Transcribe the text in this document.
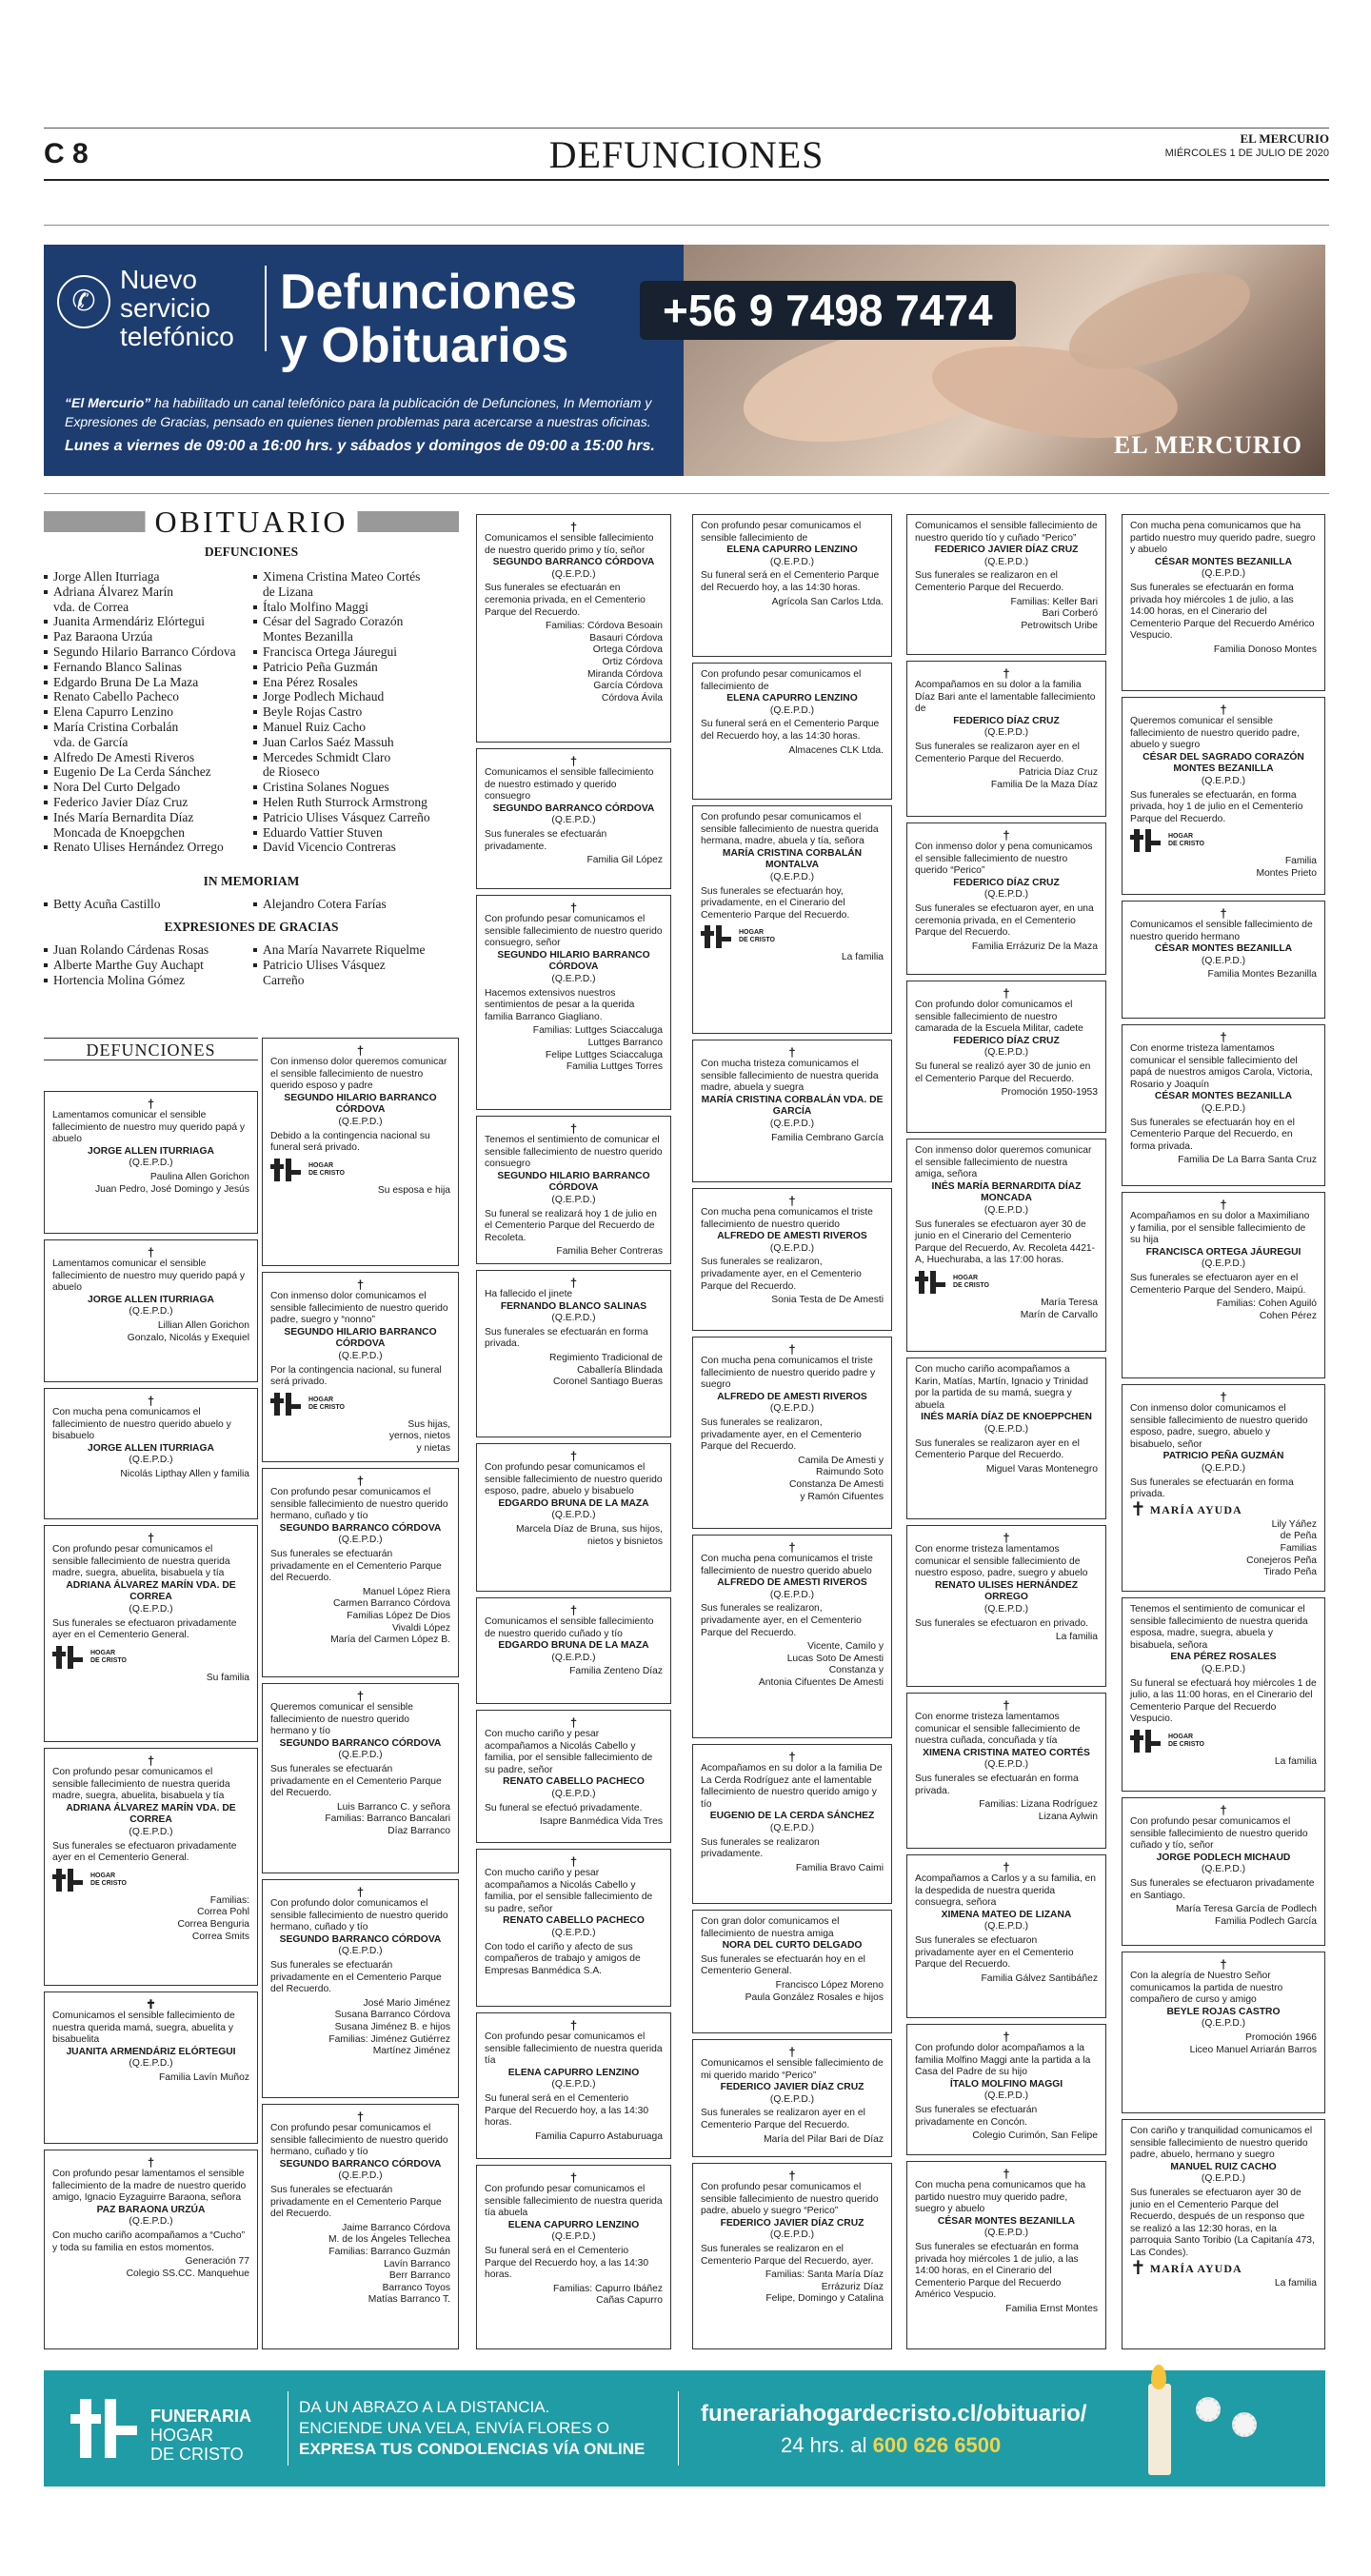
C 8	DEFUNCIONES	EL MERCURIO
MIÉRCOLES 1 DE JULIO DE 2020
✆
Nuevo
servicio
telefónico
Defunciones
y Obituarios
+56 9 7498 7474
“El Mercurio” ha habilitado un canal telefónico para la publicación de Defunciones, In Memoriam y Expresiones de Gracias, pensado en quienes tienen problemas para acercarse a nuestras oficinas.
Lunes a viernes de 09:00 a 16:00 hrs. y sábados y domingos de 09:00 a 15:00 hrs.	EL MERCURIO
OBITUARIO
DEFUNCIONES
Jorge Allen Iturriaga
Adriana Álvarez Marín
vda. de Correa
Juanita Armendáriz Elórtegui
Paz Baraona Urzúa
Segundo Hilario Barranco Córdova
Fernando Blanco Salinas
Edgardo Bruna De La Maza
Renato Cabello Pacheco
Elena Capurro Lenzino
María Cristina Corbalán
vda. de García
Alfredo De Amesti Riveros
Eugenio De La Cerda Sánchez
Nora Del Curto Delgado
Federico Javier Díaz Cruz
Inés María Bernardita Díaz
Moncada de Knoepgchen
Renato Ulises Hernández Orrego
Ximena Cristina Mateo Cortés
de Lizana
Ítalo Molfino Maggi
César del Sagrado Corazón
Montes Bezanilla
Francisca Ortega Jáuregui
Patricio Peña Guzmán
Ena Pérez Rosales
Jorge Podlech Michaud
Beyle Rojas Castro
Manuel Ruiz Cacho
Juan Carlos Saéz Massuh
Mercedes Schmidt Claro
de Rioseco
Cristina Solanes Nogues
Helen Ruth Sturrock Armstrong
Patricio Ulises Vásquez Carreño
Eduardo Vattier Stuven
David Vicencio Contreras
IN MEMORIAM
Betty Acuña Castillo	Alejandro Cotera Farías
EXPRESIONES DE GRACIAS
Juan Rolando Cárdenas Rosas
Alberte Marthe Guy Auchapt
Hortencia Molina Gómez
Ana María Navarrete Riquelme
Patricio Ulises Vásquez
Carreño
DEFUNCIONES
†

Lamentamos comunicar el sensible fallecimiento de nuestro muy querido papá y abuelo

JORGE ALLEN ITURRIAGA
(Q.E.P.D.)
Paulina Allen Gorichon
Juan Pedro, José Domingo y Jesús
†

Lamentamos comunicar el sensible fallecimiento de nuestro muy querido papá y abuelo

JORGE ALLEN ITURRIAGA
(Q.E.P.D.)
Lillian Allen Gorichon
Gonzalo, Nicolás y Exequiel
†

Con mucha pena comunicamos el fallecimiento de nuestro querido abuelo y bisabuelo

JORGE ALLEN ITURRIAGA
(Q.E.P.D.)
Nicolás Lipthay Allen y familia
†

Con profundo pesar comunicamos el sensible fallecimiento de nuestra querida madre, suegra, abuelita, bisabuela y tía

ADRIANA ÁLVAREZ MARÍN VDA. DE CORREA
(Q.E.P.D.)

Sus funerales se efectuaron privadamente ayer en el Cementerio General.

HOGAR
DE CRISTO
Su familia
†

Con profundo pesar comunicamos el sensible fallecimiento de nuestra querida madre, suegra, abuelita, bisabuela y tía

ADRIANA ÁLVAREZ MARÍN VDA. DE CORREA
(Q.E.P.D.)

Sus funerales se efectuaron privadamente ayer en el Cementerio General.

HOGAR
DE CRISTO
Familias:
Correa Pohl
Correa Benguria
Correa Smits
✝

Comunicamos el sensible fallecimiento de nuestra querida mamá, suegra, abuelita y bisabuelita

JUANITA ARMENDÁRIZ ELÓRTEGUI
(Q.E.P.D.)
Familia Lavín Muñoz
†

Con profundo pesar lamentamos el sensible fallecimiento de la madre de nuestro querido amigo, Ignacio Eyzaguirre Baraona, señora

PAZ BARAONA URZÚA
(Q.E.P.D.)

Con mucho cariño acompañamos a “Cucho” y toda su familia en estos momentos.

Generación 77
Colegio SS.CC. Manquehue
†

Con inmenso dolor queremos comunicar el sensible fallecimiento de nuestro querido esposo y padre

SEGUNDO HILARIO BARRANCO CÓRDOVA
(Q.E.P.D.)

Debido a la contingencia nacional su funeral será privado.

HOGAR
DE CRISTO
Su esposa e hija
†

Con inmenso dolor comunicamos el sensible fallecimiento de nuestro querido padre, suegro y “nonno”

SEGUNDO HILARIO BARRANCO CÓRDOVA
(Q.E.P.D.)

Por la contingencia nacional, su funeral será privado.

HOGAR
DE CRISTO
Sus hijas,
yernos, nietos
y nietas
†

Con profundo pesar comunicamos el sensible fallecimiento de nuestro querido hermano, cuñado y tío

SEGUNDO BARRANCO CÓRDOVA
(Q.E.P.D.)

Sus funerales se efectuarán privadamente en el Cementerio Parque del Recuerdo.

Manuel López Riera
Carmen Barranco Córdova
Familias López De Dios
Vivaldi López
María del Carmen López B.
†

Queremos comunicar el sensible fallecimiento de nuestro querido hermano y tío

SEGUNDO BARRANCO CÓRDOVA
(Q.E.P.D.)

Sus funerales se efectuarán privadamente en el Cementerio Parque del Recuerdo.

Luis Barranco C. y señora
Familias: Barranco Bancalari
Díaz Barranco
†

Con profundo dolor comunicamos el sensible fallecimiento de nuestro querido hermano, cuñado y tío

SEGUNDO BARRANCO CÓRDOVA
(Q.E.P.D.)

Sus funerales se efectuarán privadamente en el Cementerio Parque del Recuerdo.

José Mario Jiménez
Susana Barranco Córdova
Susana Jiménez B. e hijos
Familias: Jiménez Gutiérrez
Martínez Jiménez
†

Con profundo pesar comunicamos el sensible fallecimiento de nuestro querido hermano, cuñado y tío

SEGUNDO BARRANCO CÓRDOVA
(Q.E.P.D.)

Sus funerales se efectuarán privadamente en el Cementerio Parque del Recuerdo.

Jaime Barranco Córdova
M. de los Ángeles Tellechea
Familias: Barranco Guzmán
Lavín Barranco
Berr Barranco
Barranco Toyos
Matías Barranco T.
†

Comunicamos el sensible fallecimiento de nuestro querido primo y tío, señor

SEGUNDO BARRANCO CÓRDOVA
(Q.E.P.D.)

Sus funerales se efectuarán en ceremonia privada, en el Cementerio Parque del Recuerdo.

Familias: Córdova Besoain
Basauri Córdova
Ortega Córdova
Ortiz Córdova
Miranda Córdova
García Córdova
Córdova Ávila
†

Comunicamos el sensible fallecimiento de nuestro estimado y querido consuegro

SEGUNDO BARRANCO CÓRDOVA
(Q.E.P.D.)

Sus funerales se efectuarán privadamente.

Familia Gil López
†

Con profundo pesar comunicamos el sensible fallecimiento de nuestro querido consuegro, señor

SEGUNDO HILARIO BARRANCO CÓRDOVA
(Q.E.P.D.)

Hacemos extensivos nuestros sentimientos de pesar a la querida familia Barranco Giagliano.

Familias: Luttges Sciaccaluga
Luttges Barranco
Felipe Luttges Sciaccaluga
Familia Luttges Torres
†

Tenemos el sentimiento de comunicar el sensible fallecimiento de nuestro querido consuegro

SEGUNDO HILARIO BARRANCO CÓRDOVA
(Q.E.P.D.)

Su funeral se realizará hoy 1 de julio en el Cementerio Parque del Recuerdo de Recoleta.

Familia Beher Contreras
†

Ha fallecido el jinete

FERNANDO BLANCO SALINAS
(Q.E.P.D.)

Sus funerales se efectuarán en forma privada.

Regimiento Tradicional de
Caballería Blindada
Coronel Santiago Bueras
†

Con profundo pesar comunicamos el sensible fallecimiento de nuestro querido esposo, padre, abuelo y bisabuelo

EDGARDO BRUNA DE LA MAZA
(Q.E.P.D.)
Marcela Díaz de Bruna, sus hijos,
nietos y bisnietos
†

Comunicamos el sensible fallecimiento de nuestro querido cuñado y tío

EDGARDO BRUNA DE LA MAZA
(Q.E.P.D.)
Familia Zenteno Díaz
†

Con mucho cariño y pesar acompañamos a Nicolás Cabello y familia, por el sensible fallecimiento de su padre, señor

RENATO CABELLO PACHECO
(Q.E.P.D.)

Su funeral se efectuó privadamente.

Isapre Banmédica Vida Tres
†

Con mucho cariño y pesar acompañamos a Nicolás Cabello y familia, por el sensible fallecimiento de su padre, señor

RENATO CABELLO PACHECO
(Q.E.P.D.)

Con todo el cariño y afecto de sus compañeros de trabajo y amigos de Empresas Banmédica S.A.

†

Con profundo pesar comunicamos el sensible fallecimiento de nuestra querida tía

ELENA CAPURRO LENZINO
(Q.E.P.D.)

Su funeral será en el Cementerio Parque del Recuerdo hoy, a las 14:30 horas.

Familia Capurro Astaburuaga
†

Con profundo pesar comunicamos el sensible fallecimiento de nuestra querida tía abuela

ELENA CAPURRO LENZINO
(Q.E.P.D.)

Su funeral será en el Cementerio Parque del Recuerdo hoy, a las 14:30 horas.

Familias: Capurro Ibáñez
Cañas Capurro

Con profundo pesar comunicamos el sensible fallecimiento de

ELENA CAPURRO LENZINO
(Q.E.P.D.)

Su funeral será en el Cementerio Parque del Recuerdo hoy, a las 14:30 horas.

Agrícola San Carlos Ltda.

Con profundo pesar comunicamos el fallecimiento de

ELENA CAPURRO LENZINO
(Q.E.P.D.)

Su funeral será en el Cementerio Parque del Recuerdo hoy, a las 14:30 horas.

Almacenes CLK Ltda.

Con profundo pesar comunicamos el sensible fallecimiento de nuestra querida hermana, madre, abuela y tía, señora

MARÍA CRISTINA CORBALÁN MONTALVA
(Q.E.P.D.)

Sus funerales se efectuarán hoy, privadamente, en el Cinerario del Cementerio Parque del Recuerdo.

HOGAR
DE CRISTO
La familia
†

Con mucha tristeza comunicamos el sensible fallecimiento de nuestra querida madre, abuela y suegra

MARÍA CRISTINA CORBALÁN VDA. DE GARCÍA
(Q.E.P.D.)
Familia Cembrano García
†

Con mucha pena comunicamos el triste fallecimiento de nuestro querido

ALFREDO DE AMESTI RIVEROS
(Q.E.P.D.)

Sus funerales se realizaron, privadamente ayer, en el Cementerio Parque del Recuerdo.

Sonia Testa de De Amesti
†

Con mucha pena comunicamos el triste fallecimiento de nuestro querido padre y suegro

ALFREDO DE AMESTI RIVEROS
(Q.E.P.D.)

Sus funerales se realizaron, privadamente ayer, en el Cementerio Parque del Recuerdo.

Camila De Amesti y
Raimundo Soto
Constanza De Amesti
y Ramón Cifuentes
†

Con mucha pena comunicamos el triste fallecimiento de nuestro querido abuelo

ALFREDO DE AMESTI RIVEROS
(Q.E.P.D.)

Sus funerales se realizaron, privadamente ayer, en el Cementerio Parque del Recuerdo.

Vicente, Camilo y
Lucas Soto De Amesti
Constanza y
Antonia Cifuentes De Amesti
†

Acompañamos en su dolor a la familia De La Cerda Rodríguez ante el lamentable fallecimiento de nuestro querido amigo y tío

EUGENIO DE LA CERDA SÁNCHEZ
(Q.E.P.D.)

Sus funerales se realizaron privadamente.

Familia Bravo Caimi

Con gran dolor comunicamos el fallecimiento de nuestra amiga

NORA DEL CURTO DELGADO

Sus funerales se efectuarán hoy en el Cementerio General.

Francisco López Moreno
Paula González Rosales e hijos
†

Comunicamos el sensible fallecimiento de mi querido marido “Perico”

FEDERICO JAVIER DÍAZ CRUZ
(Q.E.P.D.)

Sus funerales se realizaron ayer en el Cementerio Parque del Recuerdo.

María del Pilar Bari de Díaz
†

Con profundo pesar comunicamos el sensible fallecimiento de nuestro querido padre, abuelo y suegro “Perico”

FEDERICO JAVIER DÍAZ CRUZ
(Q.E.P.D.)

Sus funerales se realizaron en el Cementerio Parque del Recuerdo, ayer.

Familias: Santa María Díaz
Errázuriz Díaz
Felipe, Domingo y Catalina

Comunicamos el sensible fallecimiento de nuestro querido tío y cuñado “Perico”

FEDERICO JAVIER DÍAZ CRUZ
(Q.E.P.D.)

Sus funerales se realizaron en el Cementerio Parque del Recuerdo.

Familias: Keller Bari
Bari Corberó
Petrowitsch Uribe
†

Acompañamos en su dolor a la familia Díaz Bari ante el lamentable fallecimiento de

FEDERICO DÍAZ CRUZ
(Q.E.P.D.)

Sus funerales se realizaron ayer en el Cementerio Parque del Recuerdo.

Patricia Díaz Cruz
Familia De la Maza Díaz
†

Con inmenso dolor y pena comunicamos el sensible fallecimiento de nuestro querido “Perico”

FEDERICO DÍAZ CRUZ
(Q.E.P.D.)

Sus funerales se efectuaron ayer, en una ceremonia privada, en el Cementerio Parque del Recuerdo.

Familia Errázuriz De la Maza
†

Con profundo dolor comunicamos el sensible fallecimiento de nuestro camarada de la Escuela Militar, cadete

FEDERICO DÍAZ CRUZ
(Q.E.P.D.)

Su funeral se realizó ayer 30 de junio en el Cementerio Parque del Recuerdo.

Promoción 1950-1953

Con inmenso dolor queremos comunicar el sensible fallecimiento de nuestra amiga, señora

INÉS MARÍA BERNARDITA DÍAZ MONCADA
(Q.E.P.D.)

Sus funerales se efectuaron ayer 30 de junio en el Cinerario del Cementerio Parque del Recuerdo, Av. Recoleta 4421-A, Huechuraba, a las 17:00 horas.

HOGAR
DE CRISTO
María Teresa
Marín de Carvallo

Con mucho cariño acompañamos a Karin, Matías, Martín, Ignacio y Trinidad por la partida de su mamá, suegra y abuela

INÉS MARÍA DÍAZ DE KNOEPPCHEN
(Q.E.P.D.)

Sus funerales se realizaron ayer en el Cementerio Parque del Recuerdo.

Miguel Varas Montenegro
†

Con enorme tristeza lamentamos comunicar el sensible fallecimiento de nuestro esposo, padre, suegro y abuelo

RENATO ULISES HERNÁNDEZ ORREGO
(Q.E.P.D.)

Sus funerales se efectuaron en privado.

La familia
†

Con enorme tristeza lamentamos comunicar el sensible fallecimiento de nuestra cuñada, concuñada y tía

XIMENA CRISTINA MATEO CORTÉS
(Q.E.P.D.)

Sus funerales se efectuarán en forma privada.

Familias: Lizana Rodríguez
Lizana Aylwin
†

Acompañamos a Carlos y a su familia, en la despedida de nuestra querida consuegra, señora

XIMENA MATEO DE LIZANA
(Q.E.P.D.)

Sus funerales se efectuaron privadamente ayer en el Cementerio Parque del Recuerdo.

Familia Gálvez Santibáñez
†

Con profundo dolor acompañamos a la familia Molfino Maggi ante la partida a la Casa del Padre de su hijo

ÍTALO MOLFINO MAGGI
(Q.E.P.D.)

Sus funerales se efectuarán privadamente en Concón.

Colegio Curimón, San Felipe
†

Con mucha pena comunicamos que ha partido nuestro muy querido padre, suegro y abuelo

CÉSAR MONTES BEZANILLA
(Q.E.P.D.)

Sus funerales se efectuarán en forma privada hoy miércoles 1 de julio, a las 14:00 horas, en el Cinerario del Cementerio Parque del Recuerdo Américo Vespucio.

Familia Ernst Montes

Con mucha pena comunicamos que ha partido nuestro muy querido padre, suegro y abuelo

CÉSAR MONTES BEZANILLA
(Q.E.P.D.)

Sus funerales se efectuarán en forma privada hoy miércoles 1 de julio, a las 14:00 horas, en el Cinerario del Cementerio Parque del Recuerdo Américo Vespucio.

Familia Donoso Montes
†

Queremos comunicar el sensible fallecimiento de nuestro querido padre, abuelo y suegro

CÉSAR DEL SAGRADO CORAZÓN MONTES BEZANILLA
(Q.E.P.D.)

Sus funerales se efectuarán, en forma privada, hoy 1 de julio en el Cementerio Parque del Recuerdo.

HOGAR
DE CRISTO
Familia
Montes Prieto
†

Comunicamos el sensible fallecimiento de nuestro querido hermano

CÉSAR MONTES BEZANILLA
(Q.E.P.D.)
Familia Montes Bezanilla
†

Con enorme tristeza lamentamos comunicar el sensible fallecimiento del papá de nuestros amigos Carola, Victoria, Rosario y Joaquín

CÉSAR MONTES BEZANILLA
(Q.E.P.D.)

Sus funerales se efectuarán hoy en el Cementerio Parque del Recuerdo, en forma privada.

Familia De La Barra Santa Cruz
†

Acompañamos en su dolor a Maximiliano y familia, por el sensible fallecimiento de su hija

FRANCISCA ORTEGA JÁUREGUI
(Q.E.P.D.)

Sus funerales se efectuaron ayer en el Cementerio Parque del Sendero, Maipú.

Familias: Cohen Aguiló
Cohen Pérez
†

Con inmenso dolor comunicamos el sensible fallecimiento de nuestro querido esposo, padre, suegro, abuelo y bisabuelo, señor

PATRICIO PEÑA GUZMÁN
(Q.E.P.D.)

Sus funerales se efectuarán en forma privada.

✝ MARÍA AYUDA
Lily Yáñez
de Peña
Familias
Conejeros Peña
Tirado Peña

Tenemos el sentimiento de comunicar el sensible fallecimiento de nuestra querida esposa, madre, suegra, abuela y bisabuela, señora

ENA PÉREZ ROSALES
(Q.E.P.D.)

Su funeral se efectuará hoy miércoles 1 de julio, a las 11:00 horas, en el Cinerario del Cementerio Parque del Recuerdo Vespucio.

HOGAR
DE CRISTO
La familia
†

Con profundo pesar comunicamos el sensible fallecimiento de nuestro querido cuñado y tío, señor

JORGE PODLECH MICHAUD
(Q.E.P.D.)

Sus funerales se efectuaron privadamente en Santiago.

María Teresa García de Podlech
Familia Podlech García
†

Con la alegría de Nuestro Señor comunicamos la partida de nuestro compañero de curso y amigo

BEYLE ROJAS CASTRO
(Q.E.P.D.)
Promoción 1966
Liceo Manuel Arriarán Barros

Con cariño y tranquilidad comunicamos el sensible fallecimiento de nuestro querido padre, abuelo, hermano y suegro

MANUEL RUIZ CACHO
(Q.E.P.D.)

Sus funerales se efectuaron ayer 30 de junio en el Cementerio Parque del Recuerdo, después de un responso que se realizó a las 12:30 horas, en la parroquia Santo Toribio (La Capitanía 473, Las Condes).

✝ MARÍA AYUDA
La familia
FUNERARIA
HOGAR
DE CRISTO
DA UN ABRAZO A LA DISTANCIA.
ENCIENDE UNA VELA, ENVÍA FLORES O
EXPRESA TUS CONDOLENCIAS VÍA ONLINE
funerariahogardecristo.cl/obituario/
24 hrs. al 600 626 6500
